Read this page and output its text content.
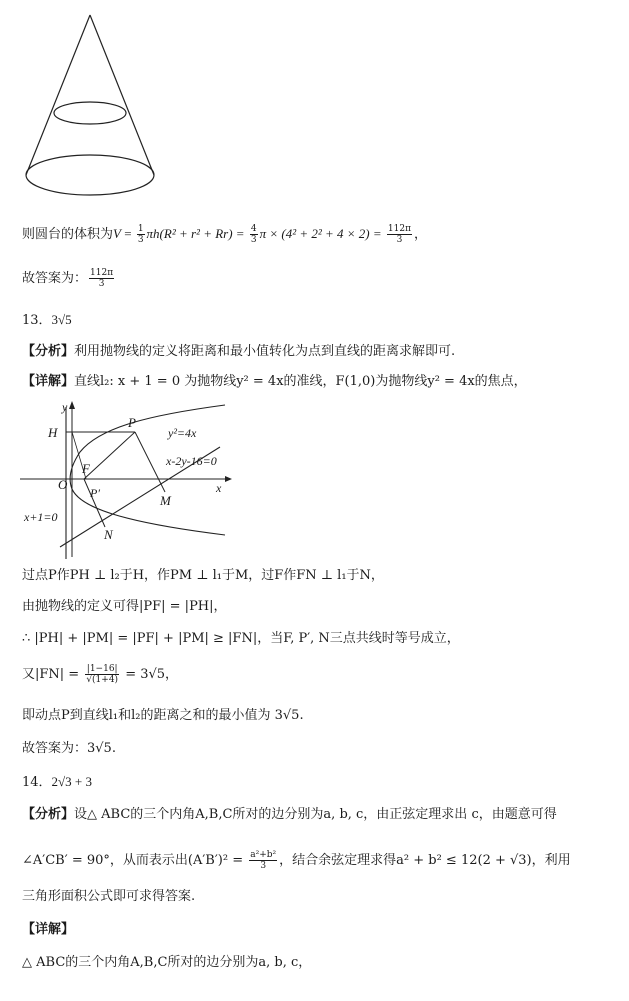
则圆台的体积为$V = \frac{1}{3} \pi h(R^2 + r^2 + Rr) = \frac{4}{3}$ $\pi \times (4^2 + 2^2 + 4 \times 2) = \frac{112\pi}{3}$ ，
故答案为： $\frac{112\pi}{3}$
13．3√5
【分析】利用抛物线的定义将距离和最小值转化为点到直线的距离求解即可.
【详解】直线l₂: x + 1 = 0 为抛物线y² = 4x的准线，F(1,0)为抛物线y² = 4x的焦点，
y
x
H
P
y²=4x
x-2y-16=0
F
O
P′	M
x+1=0
N
过点P作PH ⊥ l₂于H，作PM ⊥ l₁于M，过F作FN ⊥ l₁于N，
由抛物线的定义可得|PF| = |PH|，
∴ |PH| + |PM| = |PF| + |PM| ≥ |FN|，当F, P′, N三点共线时等号成立，
又$|FN| = \frac{|1-16|}{√(1+4)} = 3√5$，
即动点P到直线l₁和l₂的距离之和的最小值为 3√5.
故答案为：3√5.
14．2√3 + 3
【分析】设△ ABC的三个内角A,B,C所对的边分别为a, b, c，由正弦定理求出 c，由题意可得
∠A′CB′ = 90°，从而表示出$(A'B')^2 = \frac{\text{a²+b²}}{3}$ ，结合余弦定理求得a² + b² ≤ 12(2 + √3)，利用
三角形面积公式即可求得答案.
【详解】
△ ABC的三个内角A,B,C所对的边分别为a, b, c，
